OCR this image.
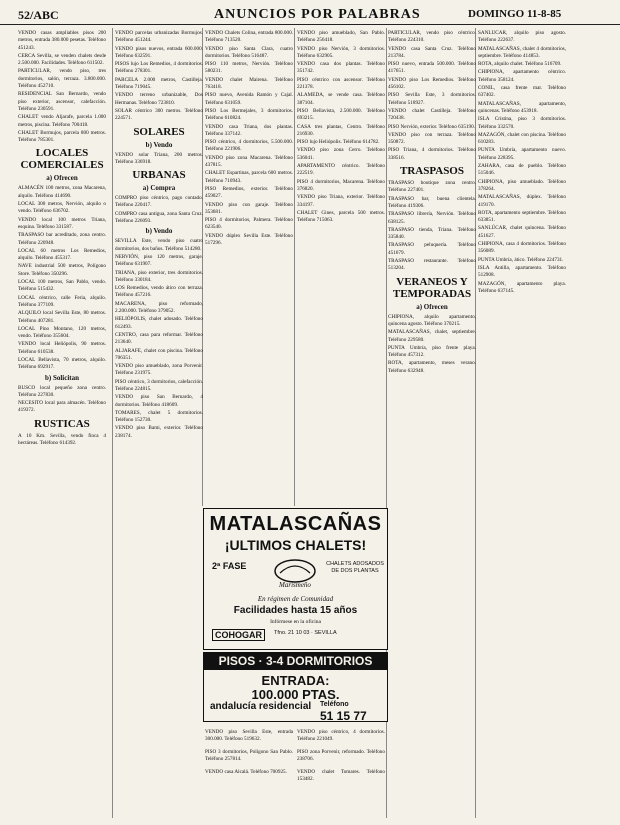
52/ABC	ANUNCIOS POR PALABRAS	DOMINGO 11-8-85

VENDO casas ampliables pisos 200 metros, entrada 380.000 pesetas. Teléfono 451243.

CERCA Sevilla, se venden chalets desde 2.500.000. Facilidades. Teléfono 611502.

PARTICULAR, vendo piso, tres dormitorios, salón, terraza. 3.800.000. Teléfono 452710.

RESIDENCIAL San Bernardo, vendo piso exterior, ascensor, calefacción. Teléfono 230591.

CHALET vendo Aljarafe, parcela 1.000 metros, piscina. Teléfono 700418.

CHALET Bormujos, parcela 800 metros. Teléfono 785301.

LOCALES COMERCIALES
a) Ofrecen

ALMACÉN 100 metros, zona Macarena, alquilo. Teléfono 414690.

LOCAL 300 metros, Nervión, alquilo o vendo. Teléfono 636702.

VENDO local 100 metros Triana, esquina. Teléfono 331587.

TRASPASO bar acreditado, zona centro. Teléfono 220948.

LOCAL 60 metros Los Remedios, alquilo. Teléfono 455317.

NAVE industrial 500 metros, Polígono Store. Teléfono 350296.

LOCAL 100 metros, San Pablo, vendo. Teléfono 515432.

LOCAL céntrico, calle Feria, alquilo. Teléfono 377109.

ALQUILO local Sevilla Este, 80 metros. Teléfono 407281.

LOCAL Pino Montano, 120 metros, vendo. Teléfono 355604.

VENDO local Heliópolis, 90 metros. Teléfono 610538.

LOCAL Bellavista, 70 metros, alquilo. Teléfono 692917.

b) Solicitan

BUSCO local pequeño zona centro. Teléfono 227830.

NECESITO local para almacén. Teléfono 419372.

RUSTICAS

A 10 Km. Sevilla, vendo finca 4 hectáreas. Teléfono 614392.

VENDO parcelas urbanizadas Bormujos. Teléfono 451244.

VENDO pisos nuevos, entrada 600.000. Teléfono 632591.

PISOS lujo Los Remedios, 4 dormitorios. Teléfono 278301.

PARCELA 2.000 metros, Castilleja. Teléfono 719045.

VENDO terreno urbanizable, Dos Hermanas. Teléfono 723810.

SOLAR céntrico 300 metros. Teléfono 224571.

SOLARES
b) Vendo

VENDO solar Triana, 200 metros. Teléfono 336918.

URBANAS
a) Compra

COMPRO piso céntrico, pago contado. Teléfono 220417.

COMPRO casa antigua, zona Santa Cruz. Teléfono 226093.

b) Vendo

SEVILLA Este, vendo piso cuatro dormitorios, dos baños. Teléfono 514280.

NERVIÓN, piso 120 metros, garaje. Teléfono 631907.

TRIANA, piso exterior, tres dormitorios. Teléfono 330184.

LOS Remedios, vendo ático con terraza. Teléfono 457216.

MACARENA, piso reformado, 2.200.000. Teléfono 379052.

HELIÓPOLIS, chalet adosado. Teléfono 612493.

CENTRO, casa para reformar. Teléfono 213640.

ALJARAFE, chalet con piscina. Teléfono 706351.

VENDO piso amueblado, zona Porvenir. Teléfono 231975.

PISO céntrico, 3 dormitorios, calefacción. Teléfono 224815.

VENDO piso San Bernardo, 4 dormitorios. Teléfono 418609.

TOMARES, chalet 5 dormitorios. Teléfono 152730.

VENDO piso Bami, exterior. Teléfono 238174.

VENDO Chalets Colina, entrada 800.000. Teléfono 713520.

VENDO piso Santa Clara, cuatro dormitorios. Teléfono 516487.

PISO 110 metros, Nervión. Teléfono 580231.

VENDO chalet Mairena. Teléfono 763418.

PISO nuevo, Avenida Ramón y Cajal. Teléfono 631059.

PISO Los Bermejales, 3 dormitorios. Teléfono 610824.

VENDO casa Triana, dos plantas. Teléfono 337142.

PISO céntrico, 4 dormitorios, 5.500.000. Teléfono 221906.

VENDO piso zona Macarena. Teléfono 437815.

CHALET Espartinas, parcela 600 metros. Teléfono 710943.

PISO Remedios, exterior. Teléfono 459027.

VENDO piso con garaje. Teléfono 353681.

PISO 4 dormitorios, Palmera. Teléfono 623540.

VENDO dúplex Sevilla Este. Teléfono 517296.

VENDO piso amueblado, San Pablo. Teléfono 256418.

VENDO piso Nervión, 3 dormitorios. Teléfono 632905.

VENDO casa dos plantas. Teléfono 351742.

PISO céntrico con ascensor. Teléfono 221378.

ALAMEDA, se vende casa. Teléfono 387104.

PISO Bellavista, 2.500.000. Teléfono 693215.

CASA tres plantas, Centro. Teléfono 216930.

PISO lujo Heliópolis. Teléfono 614782.

VENDO piso zona Cerro. Teléfono 536041.

APARTAMENTO céntrico. Teléfono 222519.

PISO 4 dormitorios, Macarena. Teléfono 376820.

VENDO piso Triana, exterior. Teléfono 334197.

CHALET Gines, parcela 500 metros. Teléfono 715063.

PARTICULAR, vendo piso céntrico. Teléfono 224310.

VENDO casa Santa Cruz. Teléfono 213784.

PISO nuevo, entrada 500.000. Teléfono 417651.

VENDO piso Los Remedios. Teléfono 456102.

PISO Sevilla Este, 3 dormitorios. Teléfono 518927.

VENDO chalet Castilleja. Teléfono 720438.

PISO Nervión, exterior. Teléfono 635190.

VENDO piso con terraza. Teléfono 350872.

PISO Triana, 4 dormitorios. Teléfono 338516.

TRASPASOS

TRASPASO boutique zona centro. Teléfono 227401.

TRASPASO bar, buena clientela. Teléfono 419306.

TRASPASO librería, Nervión. Teléfono 638125.

TRASPASO tienda, Triana. Teléfono 335840.

TRASPASO peluquería. Teléfono 451679.

TRASPASO restaurante. Teléfono 513204.

VERANEOS Y TEMPORADAS
a) Ofrecen

CHIPIONA, alquilo apartamento, quincena agosto. Teléfono 370215.

MATALASCAÑAS, chalet, septiembre. Teléfono 229580.

PUNTA Umbría, piso frente playa. Teléfono 457312.

ROTA, apartamento, meses verano. Teléfono 632948.

SANLÚCAR, alquilo piso agosto. Teléfono 222637.

MATALASCAÑAS, chalet 4 dormitorios, septiembre. Teléfono 414853.

ROTA, alquilo chalet. Teléfono 516709.

CHIPIONA, apartamento céntrico. Teléfono 358124.

CONIL, casa frente mar. Teléfono 637402.

MATALASCAÑAS, apartamento, quincenas. Teléfono 453918.

ISLA Cristina, piso 3 dormitorios. Teléfono 332570.

MAZAGÓN, chalet con piscina. Teléfono 610283.

PUNTA Umbría, apartamento nuevo. Teléfono 228395.

ZAHARA, casa de pueblo. Teléfono 515046.

CHIPIONA, piso amueblado. Teléfono 378264.

MATALASCAÑAS, dúplex. Teléfono 419170.

ROTA, apartamento septiembre. Teléfono 633851.

SANLÚCAR, chalet quincena. Teléfono 451627.

CHIPIONA, casa 4 dormitorios. Teléfono 356089.

PUNTA Umbría, ático. Teléfono 224731.

ISLA Antilla, apartamento. Teléfono 512908.

MAZAGÓN, apartamento playa. Teléfono 637145.

MATALASCAÑAS
¡ULTIMOS CHALETS!
2ª FASE
Marismeño
CHALETS ADOSADOS DE DOS PLANTAS
En régimen de Comunidad
Facilidades hasta 15 años
Infórmese en la oficina
COHOGAR	Tfno. 21 10 03 · SEVILLA
PISOS · 3-4 DORMITORIOS
ENTRADA:
100.000 PTAS.
andalucía residencial Teléfono
51 15 77

VENDO piso Sevilla Este, entrada 300.000. Teléfono 519632.

PISO 3 dormitorios, Polígono San Pablo. Teléfono 257814.

VENDO casa Alcalá. Teléfono 700925.

VENDO piso céntrico, 4 dormitorios. Teléfono 221049.

PISO zona Porvenir, reformado. Teléfono 238706.

VENDO chalet Tomares. Teléfono 153482.
